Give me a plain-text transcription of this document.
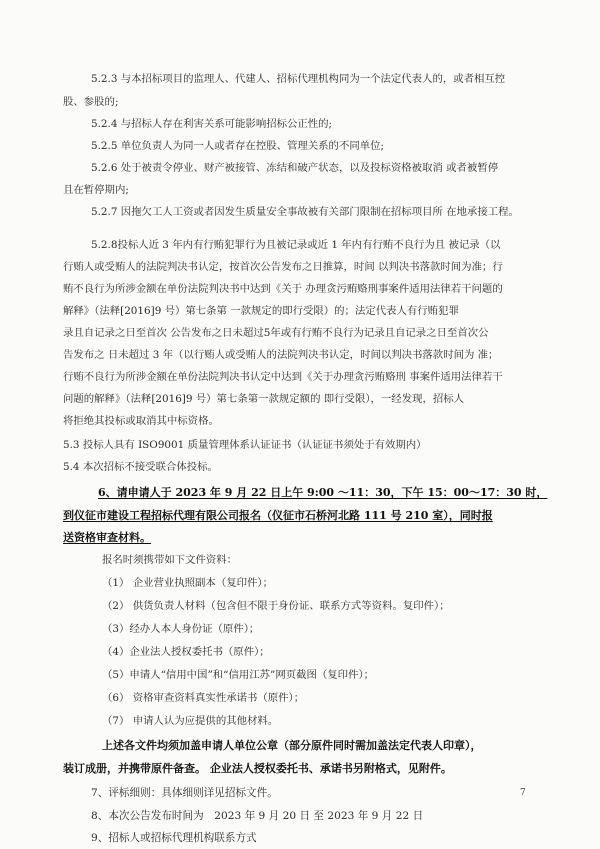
5.2.3 与本招标项目的监理人、代建人、招标代理机构同为一个法定代表人的，或者相互控
股、参股的;
5.2.4 与招标人存在利害关系可能影响招标公正性的;
5.2.5 单位负责人为同一人或者存在控股、管理关系的不同单位;
5.2.6 处于被责令停业、财产被接管、冻结和破产状态，以及投标资格被取消 或者被暂停
且在暂停期内;
5.2.7 因拖欠工人工资或者因发生质量安全事故被有关部门限制在招标项目所 在地承接工程。
5.2.8投标人近 3 年内有行贿犯罪行为且被记录或近 1 年内有行贿不良行为且 被记录（以
行贿人或受贿人的法院判决书认定，按首次公告发布之日推算，时间 以判决书落款时间为准；行
贿不良行为所涉金额在单份法院判决书中达到《关于 办理贪污贿赂刑事案件适用法律若干问题的
解释》（法释[2016]9 号）第七条第 一款规定的即行受限）的；法定代表人有行贿犯罪
录且自记录之日至首次 公告发布之日未超过5年或有行贿不良行为记录且自记录之日至首次公
告发布之 日未超过 3 年（以行贿人或受贿人的法院判决书认定，时间以判决书落款时间为 准；
行贿不良行为所涉金额在单份法院判决书认定中达到《关于办理贪污贿赂刑 事案件适用法律若干
问题的解释》（法释[2016]9 号）第七条第一款规定额的 即行受限），一经发现，招标人
将拒绝其投标或取消其中标资格。
5.3 投标人具有 ISO9001 质量管理体系认证证书（认证证书须处于有效期内）
5.4 本次招标不接受联合体投标。
6、请申请人于 2023 年 9 月 22 日上午 9:00 ～11：30，下午 15：00～17：30 时，
到仪征市建设工程招标代理有限公司报名（仪征市石桥河北路 111 号 210 室），同时报
送资格审查材料。
报名时须携带如下文件资料：
（1） 企业营业执照副本（复印件）；
（2） 供货负责人材料（包含但不限于身份证、联系方式等资料。复印件）；
（3）经办人本人身份证（原件）；
（4）企业法人授权委托书（原件）；
（5）申请人“信用中国”和“信用江苏”网页截图（复印件）；
（6） 资格审查资料真实性承诺书（原件）；
（7） 申请人认为应提供的其他材料。
上述各文件均须加盖申请人单位公章（部分原件同时需加盖法定代表人印章），
装订成册，并携带原件备查。 企业法人授权委托书、承诺书另附格式，见附件。
7、评标细则：具体细则详见招标文件。
8、本次公告发布时间为　2023 年 9 月 20 日 至 2023 年 9 月 22 日
9、招标人或招标代理机构联系方式
7
